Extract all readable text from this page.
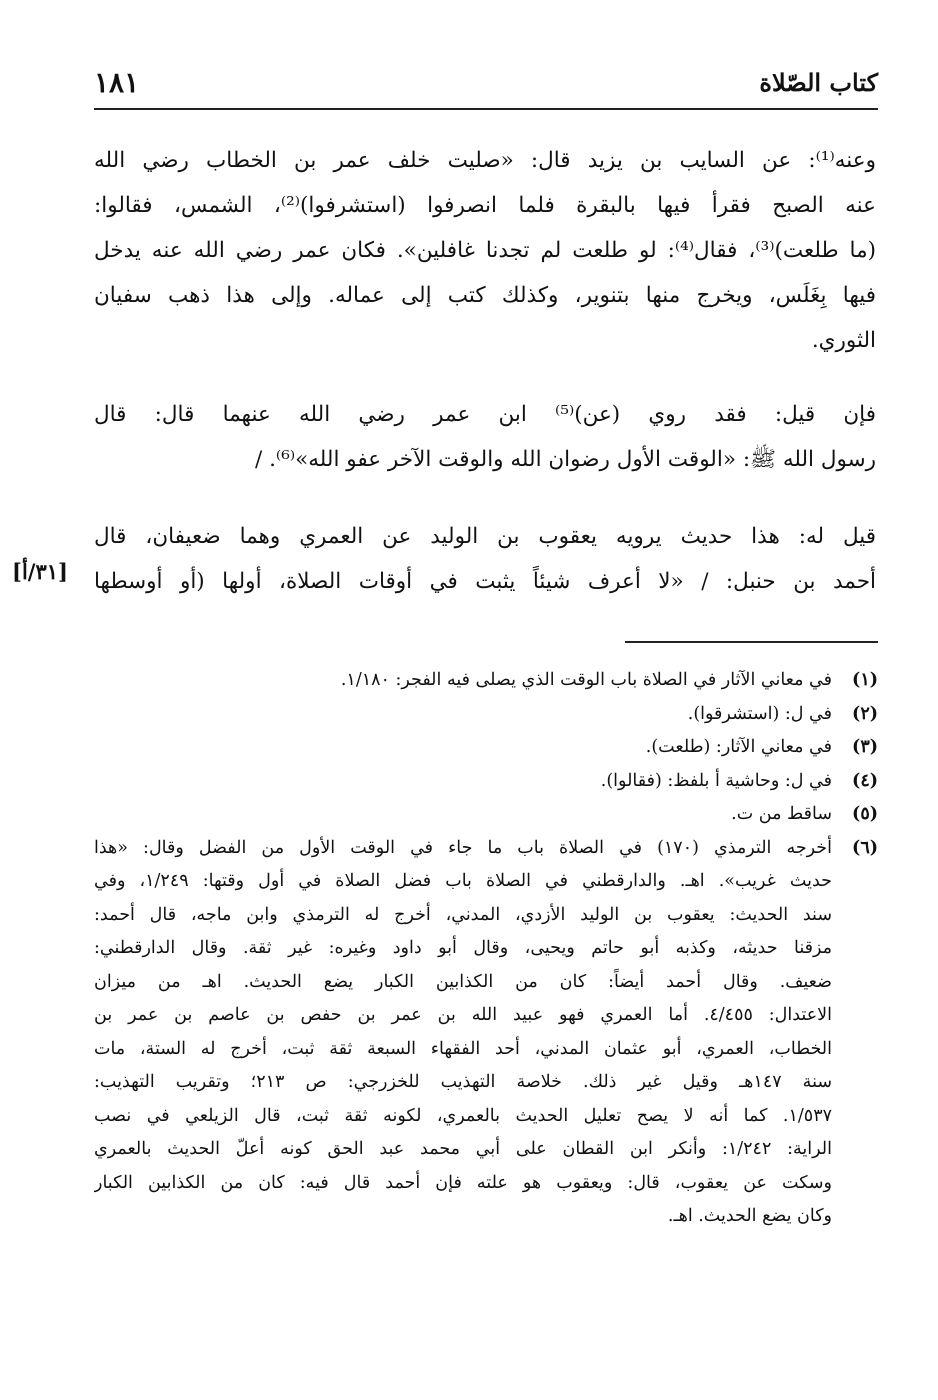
١٨١	كتاب الصّلاة
وعنه⁽¹⁾: عن السايب بن يزيد قال: «صليت خلف عمر بن الخطاب رضي الله
عنه الصبح فقرأ فيها بالبقرة فلما انصرفوا (استشرفوا)⁽²⁾، الشمس، فقالوا:
(ما طلعت)⁽³⁾، فقال⁽⁴⁾: لو طلعت لم تجدنا غافلين». فكان عمر رضي الله عنه يدخل
فيها بِغَلَس، ويخرج منها بتنوير، وكذلك كتب إلى عماله. وإلى هذا ذهب سفيان
الثوري.
فإن قيل: فقد روي (عن)⁽⁵⁾ ابن عمر رضي الله عنهما قال: قال
رسول الله ﷺ: «الوقت الأول رضوان الله والوقت الآخر عفو الله»⁽⁶⁾. /
قيل له: هذا حديث يرويه يعقوب بن الوليد عن العمري وهما ضعيفان، قال
أحمد بن حنبل: / «لا أعرف شيئاً يثبت في أوقات الصلاة، أولها (أو أوسطها
[٣١/أ]
(١)
في معاني الآثار في الصلاة باب الوقت الذي يصلى فيه الفجر: ١/١٨٠.
(٢)
في ل: (استشرقوا).
(٣)
في معاني الآثار: (طلعت).
(٤)
في ل: وحاشية أ بلفظ: (فقالوا).
(٥)
ساقط من ت.
(٦)
أخرجه الترمذي (١٧٠) في الصلاة باب ما جاء في الوقت الأول من الفضل وقال: «هذا
حديث غريب». اهـ. والدارقطني في الصلاة باب فضل الصلاة في أول وقتها: ١/٢٤٩، وفي
سند الحديث: يعقوب بن الوليد الأزدي، المدني، أخرج له الترمذي وابن ماجه، قال أحمد:
مزقنا حديثه، وكذبه أبو حاتم ويحيى، وقال أبو داود وغيره: غير ثقة. وقال الدارقطني:
ضعيف. وقال أحمد أيضاً: كان من الكذابين الكبار يضع الحديث. اهـ من ميزان
الاعتدال: ٤/٤٥٥. أما العمري فهو عبيد الله بن عمر بن حفص بن عاصم بن عمر بن
الخطاب، العمري، أبو عثمان المدني، أحد الفقهاء السبعة ثقة ثبت، أخرج له الستة، مات
سنة ١٤٧هـ وقيل غير ذلك. خلاصة التهذيب للخزرجي: ص ٢١٣؛ وتقريب التهذيب:
١/٥٣٧. كما أنه لا يصح تعليل الحديث بالعمري، لكونه ثقة ثبت، قال الزيلعي في نصب
الراية: ١/٢٤٢: وأنكر ابن القطان على أبي محمد عبد الحق كونه أعلّ الحديث بالعمري
وسكت عن يعقوب، قال: ويعقوب هو علته فإن أحمد قال فيه: كان من الكذابين الكبار
وكان يضع الحديث. اهـ.
